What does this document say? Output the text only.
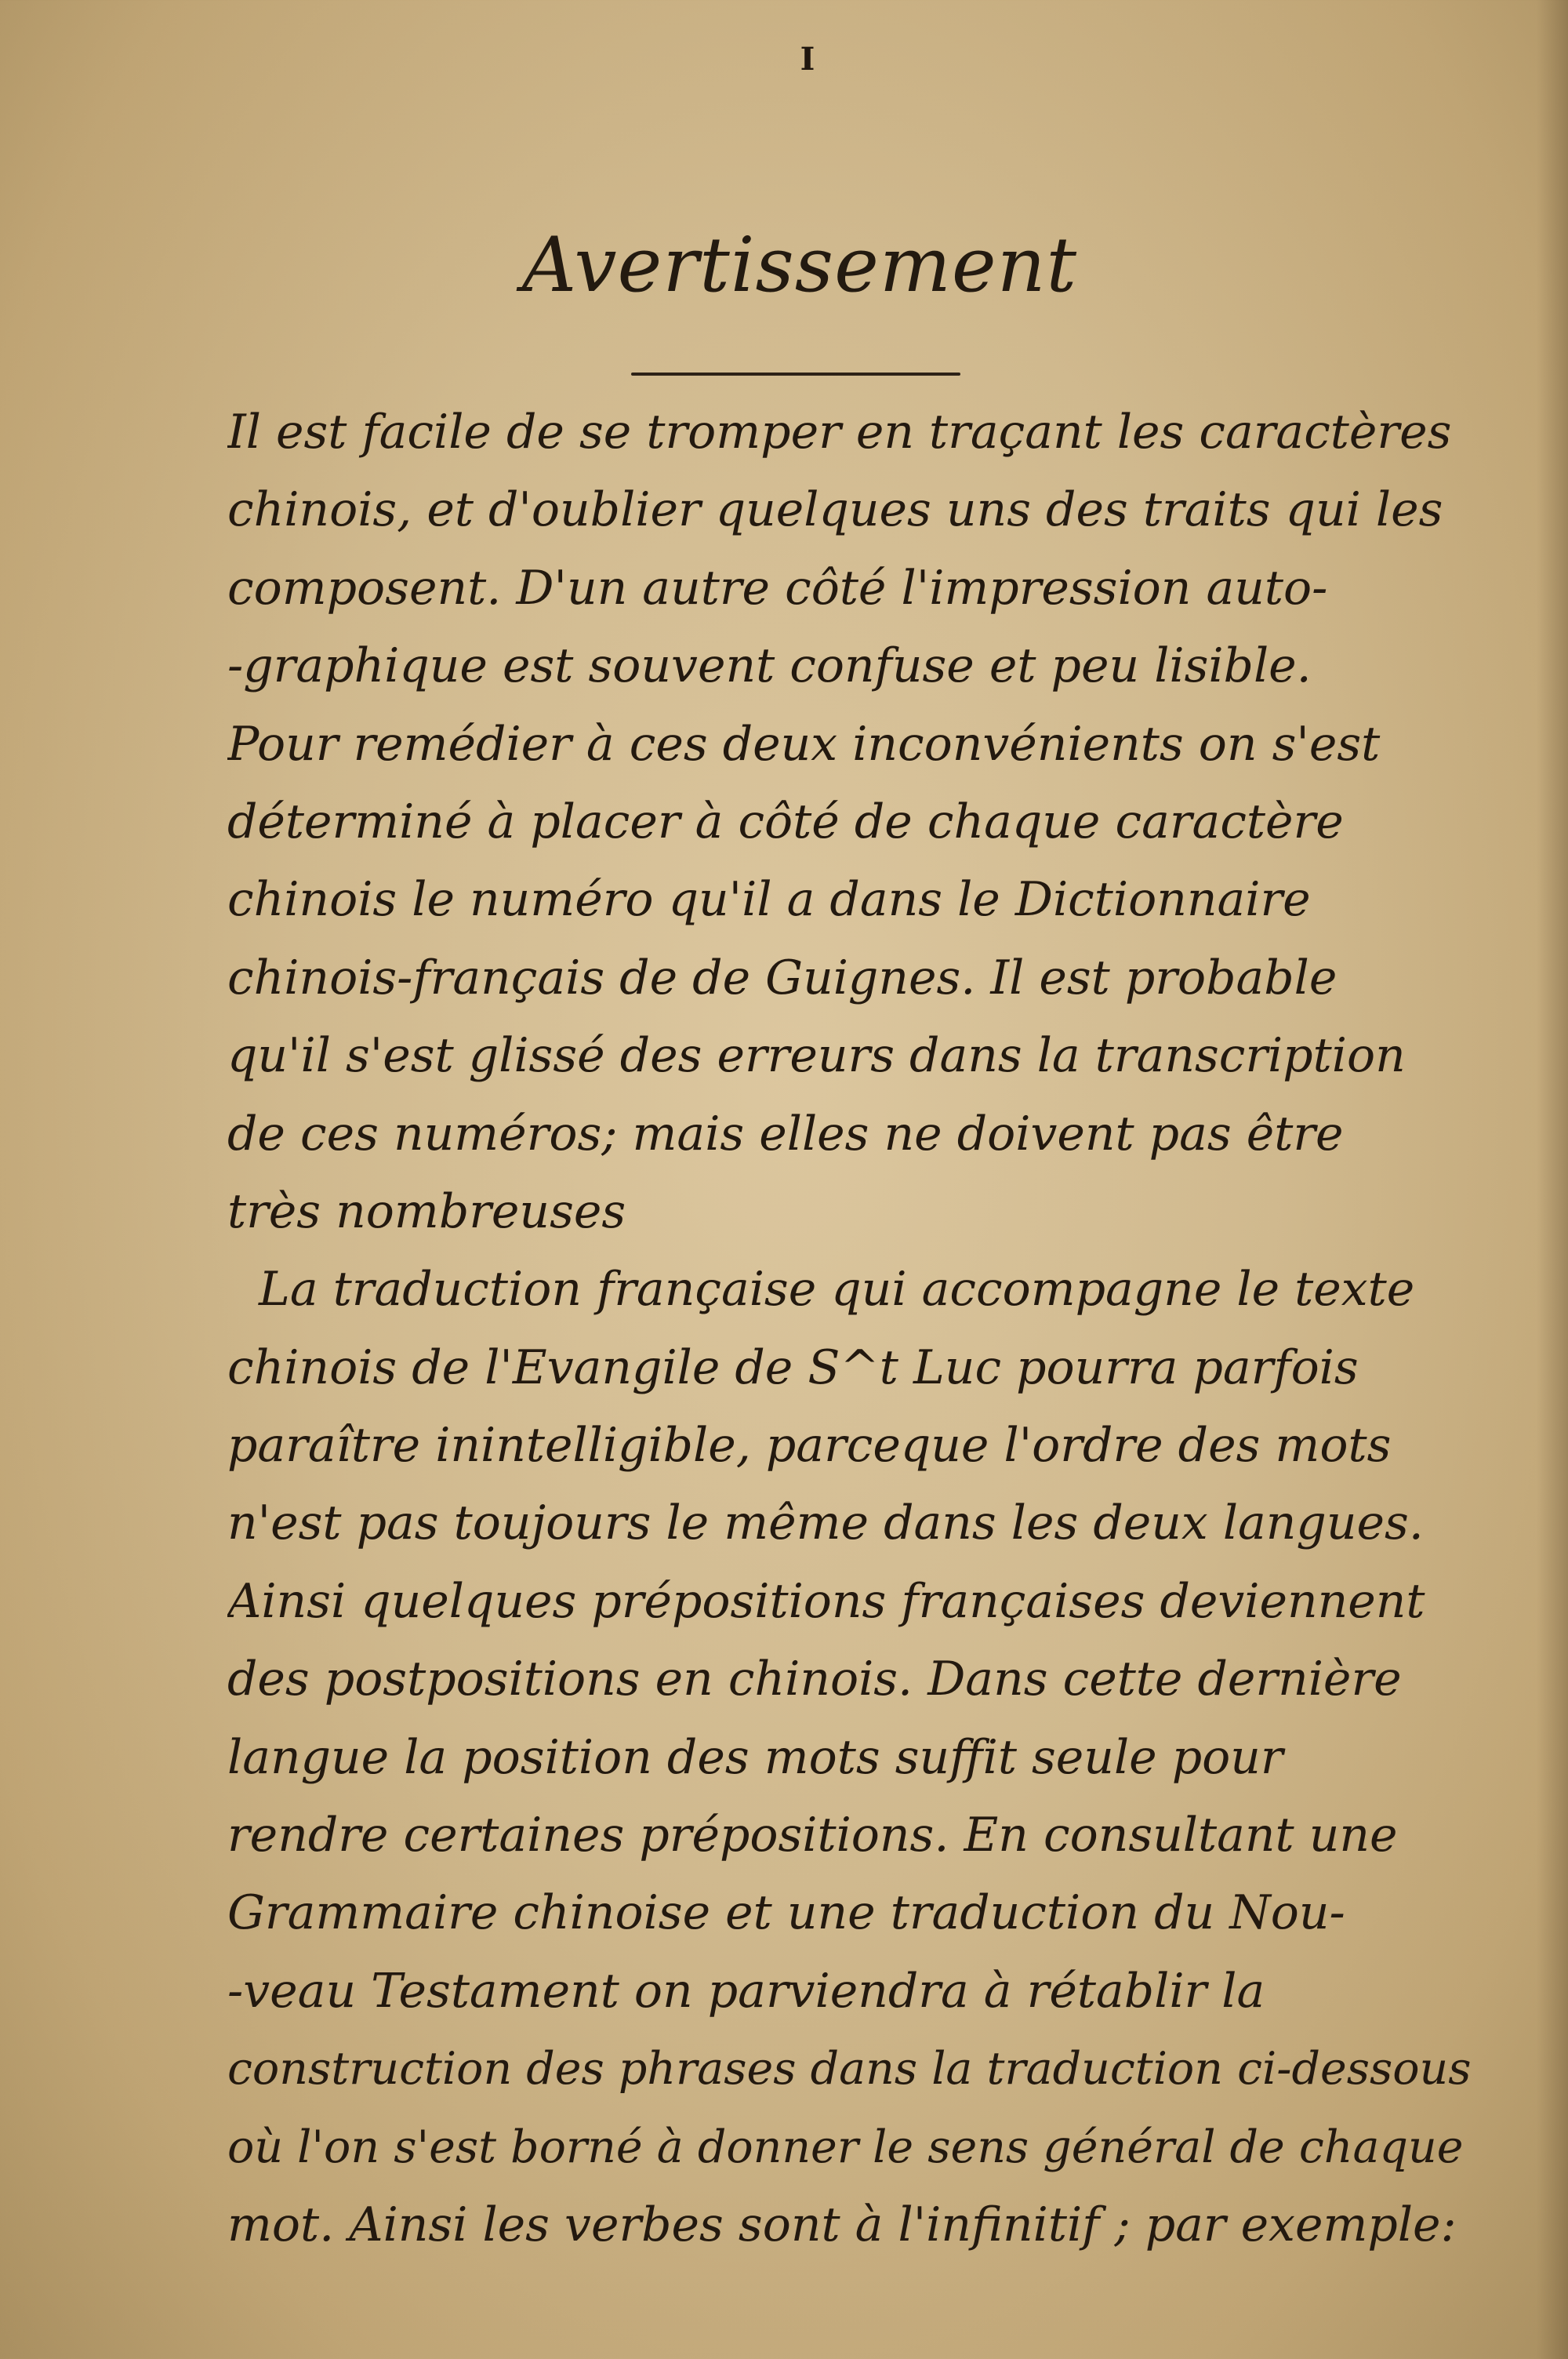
I
Avertissement
Il est facile de se tromper en traçant les caractères
chinois, et d'oublier quelques uns des traits qui les
composent. D'un autre côté l'impression auto-
-graphique est souvent confuse et peu lisible.
Pour remédier à ces deux inconvénients on s'est
déterminé à placer à côté de chaque caractère
chinois le numéro qu'il a dans le Dictionnaire
chinois-français de de Guignes. Il est probable
qu'il s'est glissé des erreurs dans la transcription
de ces numéros; mais elles ne doivent pas être
très nombreuses
La traduction française qui accompagne le texte
chinois de l'Evangile de S^t Luc pourra parfois
paraître inintelligible, parceque l'ordre des mots
n'est pas toujours le même dans les deux langues.
Ainsi quelques prépositions françaises deviennent
des postpositions en chinois. Dans cette dernière
langue la position des mots suffit seule pour
rendre certaines prépositions. En consultant une
Grammaire chinoise et une traduction du Nou-
-veau Testament on parviendra à rétablir la
construction des phrases dans la traduction ci-dessous
où l'on s'est borné à donner le sens général de chaque
mot. Ainsi les verbes sont à l'infinitif ; par exemple:
